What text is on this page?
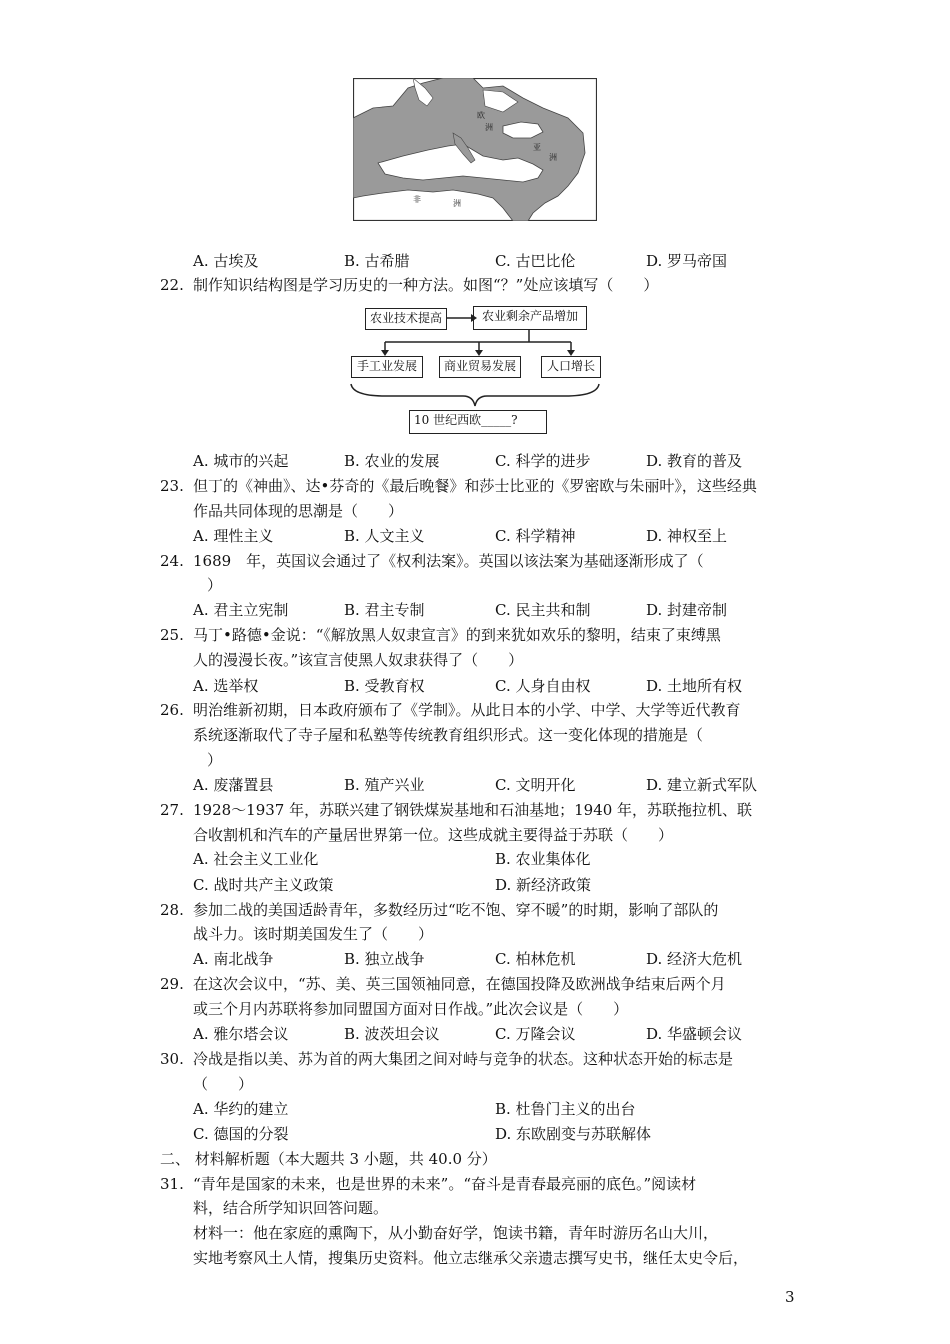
欧
洲
亚
洲
非	洲
A. 古埃及	B. 古希腊	C. 古巴比伦	D. 罗马帝国
22. 制作知识结构图是学习历史的一种方法。如图“？”处应该填写（　　）
农业技术提高	农业剩余产品增加
手工业发展	商业贸易发展	人口增长
10 世纪西欧_____?
A. 城市的兴起	B. 农业的发展	C. 科学的进步	D. 教育的普及
23. 但丁的《神曲》、达•芬奇的《最后晚餐》和莎士比亚的《罗密欧与朱丽叶》，这些经典
作品共同体现的思潮是（　　）
A. 理性主义	B. 人文主义	C. 科学精神	D. 神权至上
24. 1689　年，英国议会通过了《权利法案》。英国以该法案为基础逐渐形成了（
）
A. 君主立宪制	B. 君主专制	C. 民主共和制	D. 封建帝制
25. 马丁•路德•金说：“《解放黑人奴隶宣言》的到来犹如欢乐的黎明，结束了束缚黑
人的漫漫长夜。”该宣言使黑人奴隶获得了（　　）
A. 选举权	B. 受教育权	C. 人身自由权	D. 土地所有权
26. 明治维新初期，日本政府颁布了《学制》。从此日本的小学、中学、大学等近代教育
系统逐渐取代了寺子屋和私塾等传统教育组织形式。这一变化体现的措施是（
）
A. 废藩置县	B. 殖产兴业	C. 文明开化	D. 建立新式军队
27. 1928～1937 年，苏联兴建了钢铁煤炭基地和石油基地；1940 年，苏联拖拉机、联
合收割机和汽车的产量居世界第一位。这些成就主要得益于苏联（　　）
A. 社会主义工业化	B. 农业集体化
C. 战时共产主义政策	D. 新经济政策
28. 参加二战的美国适龄青年，多数经历过“吃不饱、穿不暖”的时期，影响了部队的
战斗力。该时期美国发生了（　　）
A. 南北战争	B. 独立战争	C. 柏林危机	D. 经济大危机
29. 在这次会议中，“苏、美、英三国领袖同意，在德国投降及欧洲战争结束后两个月
或三个月内苏联将参加同盟国方面对日作战。”此次会议是（　　）
A. 雅尔塔会议	B. 波茨坦会议	C. 万隆会议	D. 华盛顿会议
30. 冷战是指以美、苏为首的两大集团之间对峙与竞争的状态。这种状态开始的标志是
（　　）
A. 华约的建立	B. 杜鲁门主义的出台
C. 德国的分裂	D. 东欧剧变与苏联解体
二、 材料解析题（本大题共 3 小题，共 40.0 分）
31. “青年是国家的未来，也是世界的未来”。“奋斗是青春最亮丽的底色。”阅读材
料，结合所学知识回答问题。
材料一：他在家庭的熏陶下，从小勤奋好学，饱读书籍，青年时游历名山大川，
实地考察风土人情，搜集历史资料。他立志继承父亲遗志撰写史书，继任太史令后，
3
